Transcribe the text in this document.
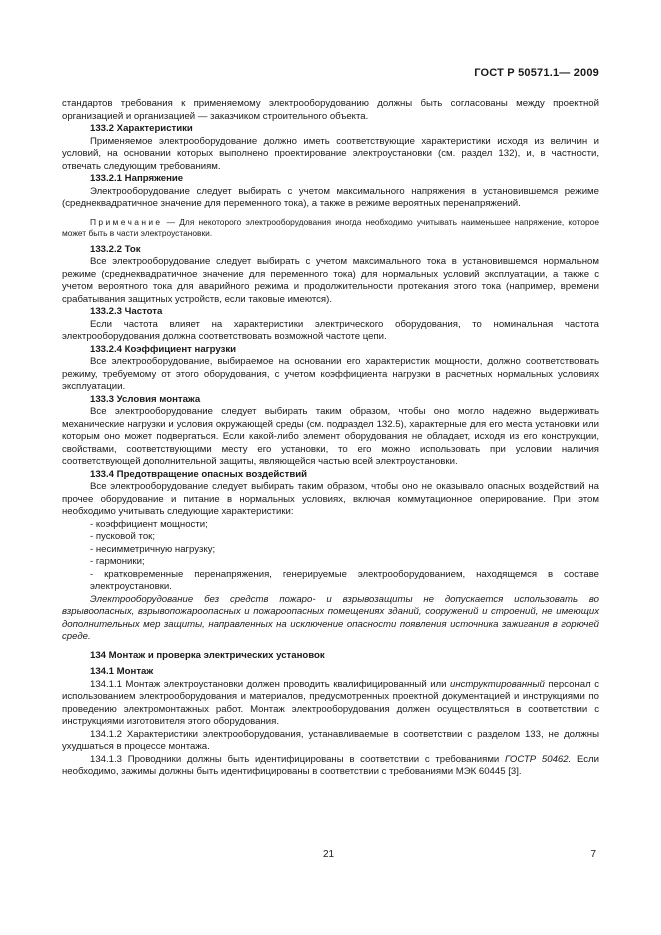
ГОСТ Р 50571.1— 2009

стандартов требования к применяемому электрооборудованию должны быть согласованы между проектной организацией и организацией — заказчиком строительного объекта.

133.2 Характеристики

Применяемое электрооборудование должно иметь соответствующие характеристики исходя из величин и условий, на основании которых выполнено проектирование электроустановки (см. раздел 132), и, в частности, отвечать следующим требованиям.

133.2.1 Напряжение

Электрооборудование следует выбирать с учетом максимального напряжения в установившемся режиме (среднеквадратичное значение для переменного тока), а также в режиме вероятных перенапряжений.

Примечание — Для некоторого электрооборудования иногда необходимо учитывать наименьшее напряжение, которое может быть в части электроустановки.

133.2.2 Ток

Все электрооборудование следует выбирать с учетом максимального тока в установившемся нормальном режиме (среднеквадратичное значение для переменного тока) для нормальных условий эксплуатации, а также с учетом вероятного тока для аварийного режима и продолжительности протекания этого тока (например, времени срабатывания защитных устройств, если таковые имеются).

133.2.3 Частота

Если частота влияет на характеристики электрического оборудования, то номинальная частота электрооборудования должна соответствовать возможной частоте цепи.

133.2.4 Коэффициент нагрузки

Все электрооборудование, выбираемое на основании его характеристик мощности, должно соответствовать режиму, требуемому от этого оборудования, с учетом коэффициента нагрузки в расчетных нормальных условиях эксплуатации.

133.3 Условия монтажа

Все электрооборудование следует выбирать таким образом, чтобы оно могло надежно выдерживать механические нагрузки и условия окружающей среды (см. подраздел 132.5), характерные для его места установки или которым оно может подвергаться. Если какой-либо элемент оборудования не обладает, исходя из его конструкции, свойствами, соответствующими месту его установки, то его можно использовать при условии наличия соответствующей дополнительной защиты, являющейся частью всей электроустановки.

133.4 Предотвращение опасных воздействий

Все электрооборудование следует выбирать таким образом, чтобы оно не оказывало опасных воздействий на прочее оборудование и питание в нормальных условиях, включая коммутационное оперирование. При этом необходимо учитывать следующие характеристики:

- коэффициент мощности;
- пусковой ток;
- несимметричную нагрузку;
- гармоники;
- кратковременные перенапряжения, генерируемые электрооборудованием, находящемся в составе электроустановки.

Электрооборудование без средств пожаро- и взрывозащиты не допускается использовать во взрывоопасных, взрывопожароопасных и пожароопасных помещениях зданий, сооружений и строений, не имеющих дополнительных мер защиты, направленных на исключение опасности появления источника зажигания в горючей среде.

134 Монтаж и проверка электрических установок
134.1 Монтаж

134.1.1 Монтаж электроустановки должен проводить квалифицированный или инструктированный персонал с использованием электрооборудования и материалов, предусмотренных проектной документацией и инструкциями по проведению электромонтажных работ. Монтаж электрооборудования должен осуществляться в соответствии с инструкциями изготовителя этого оборудования.

134.1.2 Характеристики электрооборудования, устанавливаемые в соответствии с разделом 133, не должны ухудшаться в процессе монтажа.

134.1.3 Проводники должны быть идентифицированы в соответствии с требованиями ГОСТР 50462. Если необходимо, зажимы должны быть идентифицированы в соответствии с требованиями МЭК 60445 [3].

21	7
